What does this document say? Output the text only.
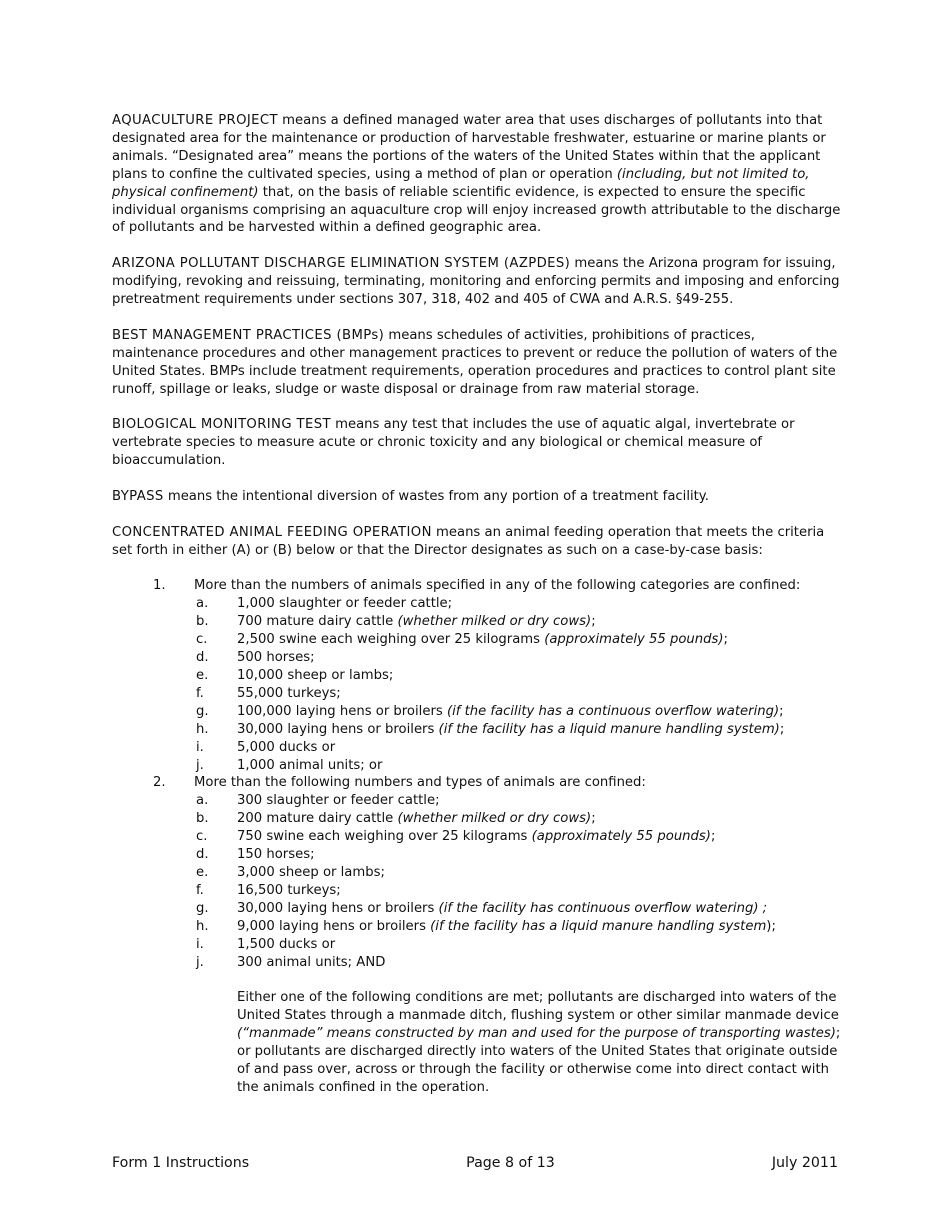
AQUACULTURE PROJECT means a defined managed water area that uses discharges of pollutants into that designated area for the maintenance or production of harvestable freshwater, estuarine or marine plants or animals. “Designated area” means the portions of the waters of the United States within that the applicant plans to confine the cultivated species, using a method of plan or operation (including, but not limited to, physical confinement) that, on the basis of reliable scientific evidence, is expected to ensure the specific individual organisms comprising an aquaculture crop will enjoy increased growth attributable to the discharge of pollutants and be harvested within a defined geographic area.

ARIZONA POLLUTANT DISCHARGE ELIMINATION SYSTEM (AZPDES) means the Arizona program for issuing, modifying, revoking and reissuing, terminating, monitoring and enforcing permits and imposing and enforcing pretreatment requirements under sections 307, 318, 402 and 405 of CWA and A.R.S. §49-255.

BEST MANAGEMENT PRACTICES (BMPs) means schedules of activities, prohibitions of practices, maintenance procedures and other management practices to prevent or reduce the pollution of waters of the United States. BMPs include treatment requirements, operation procedures and practices to control plant site runoff, spillage or leaks, sludge or waste disposal or drainage from raw material storage.

BIOLOGICAL MONITORING TEST means any test that includes the use of aquatic algal, invertebrate or vertebrate species to measure acute or chronic toxicity and any biological or chemical measure of bioaccumulation.

BYPASS means the intentional diversion of wastes from any portion of a treatment facility.

CONCENTRATED ANIMAL FEEDING OPERATION means an animal feeding operation that meets the criteria set forth in either (A) or (B) below or that the Director designates as such on a case-by-case basis:

1.	More than the numbers of animals specified in any of the following categories are confined:
a.	1,000 slaughter or feeder cattle;
b.	700 mature dairy cattle (whether milked or dry cows);
c.	2,500 swine each weighing over 25 kilograms (approximately 55 pounds);
d.	500 horses;
e.	10,000 sheep or lambs;
f.	55,000 turkeys;
g.	100,000 laying hens or broilers (if the facility has a continuous overflow watering);
h.	30,000 laying hens or broilers (if the facility has a liquid manure handling system);
i.	5,000 ducks or
j.	1,000 animal units; or
2.	More than the following numbers and types of animals are confined:
a.	300 slaughter or feeder cattle;
b.	200 mature dairy cattle (whether milked or dry cows);
c.	750 swine each weighing over 25 kilograms (approximately 55 pounds);
d.	150 horses;
e.	3,000 sheep or lambs;
f.	16,500 turkeys;
g.	30,000 laying hens or broilers (if the facility has continuous overflow watering) ;
h.	9,000 laying hens or broilers (if the facility has a liquid manure handling system);
i.	1,500 ducks or
j.	300 animal units; AND
Either one of the following conditions are met; pollutants are discharged into waters of the United States through a manmade ditch, flushing system or other similar manmade device (“manmade” means constructed by man and used for the purpose of transporting wastes); or pollutants are discharged directly into waters of the United States that originate outside of and pass over, across or through the facility or otherwise come into direct contact with the animals confined in the operation.
Form 1 Instructions	Page 8 of 13	July 2011
